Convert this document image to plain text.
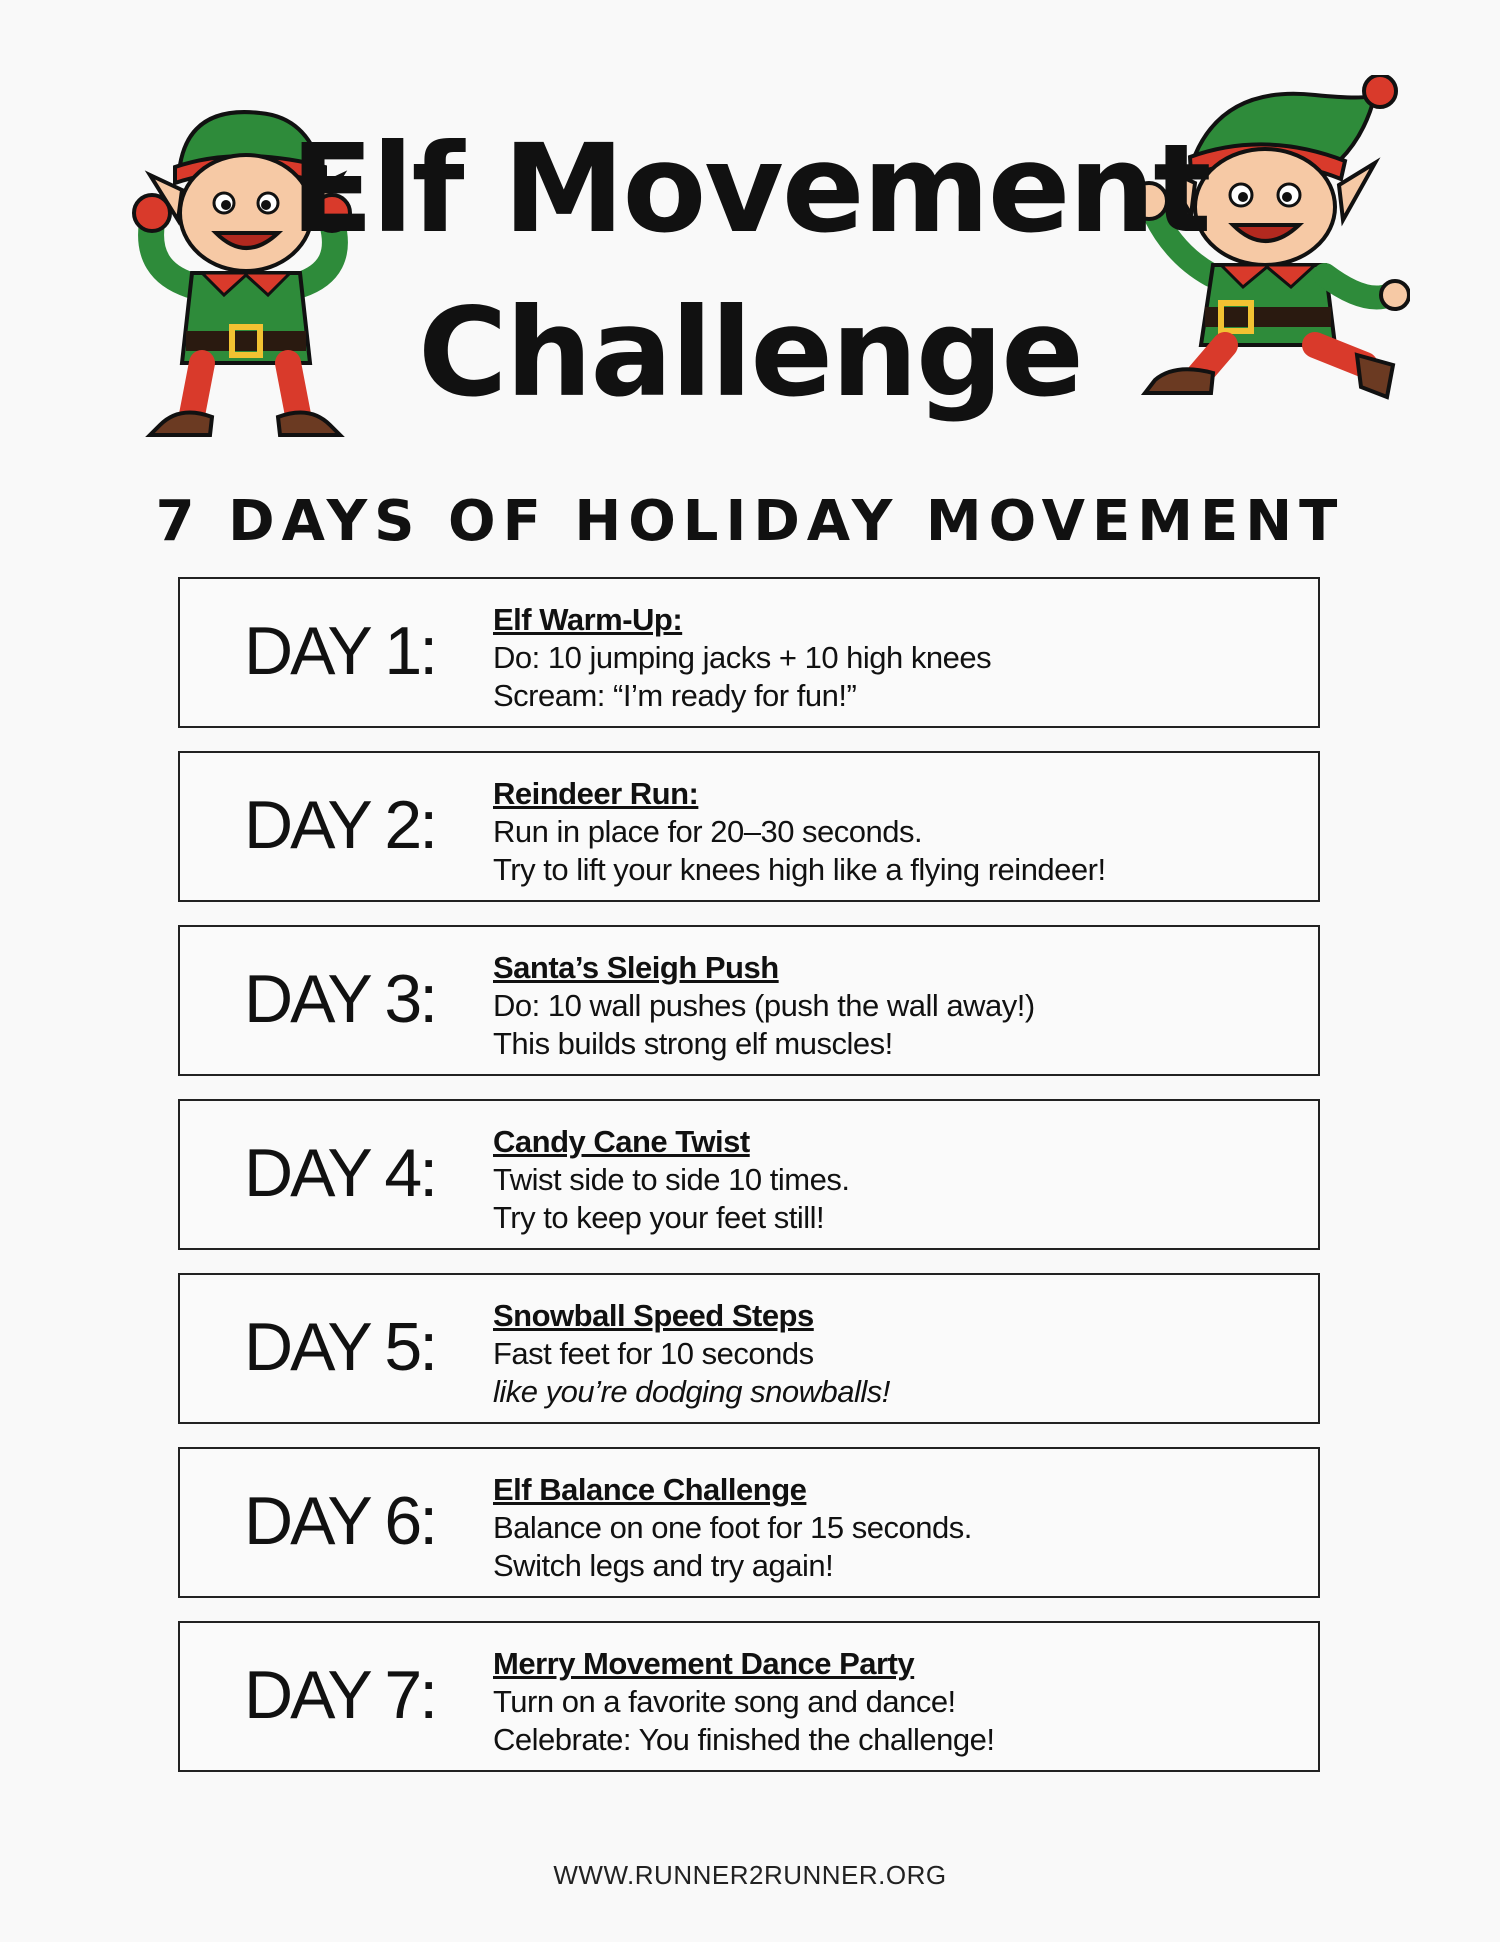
Elf Movement
Challenge
7 DAYS OF HOLIDAY MOVEMENT
DAY 1: Elf Warm-Up:
Do: 10 jumping jacks + 10 high knees
Scream: “I’m ready for fun!”
DAY 2: Reindeer Run:
Run in place for 20–30 seconds.
Try to lift your knees high like a flying reindeer!
DAY 3: Santa’s Sleigh Push
Do: 10 wall pushes (push the wall away!)
This builds strong elf muscles!
DAY 4: Candy Cane Twist
Twist side to side 10 times.
Try to keep your feet still!
DAY 5: Snowball Speed Steps
Fast feet for 10 seconds
like you’re dodging snowballs!
DAY 6: Elf Balance Challenge
Balance on one foot for 15 seconds.
Switch legs and try again!
DAY 7: Merry Movement Dance Party
Turn on a favorite song and dance!
Celebrate: You finished the challenge!
WWW.RUNNER2RUNNER.ORG
